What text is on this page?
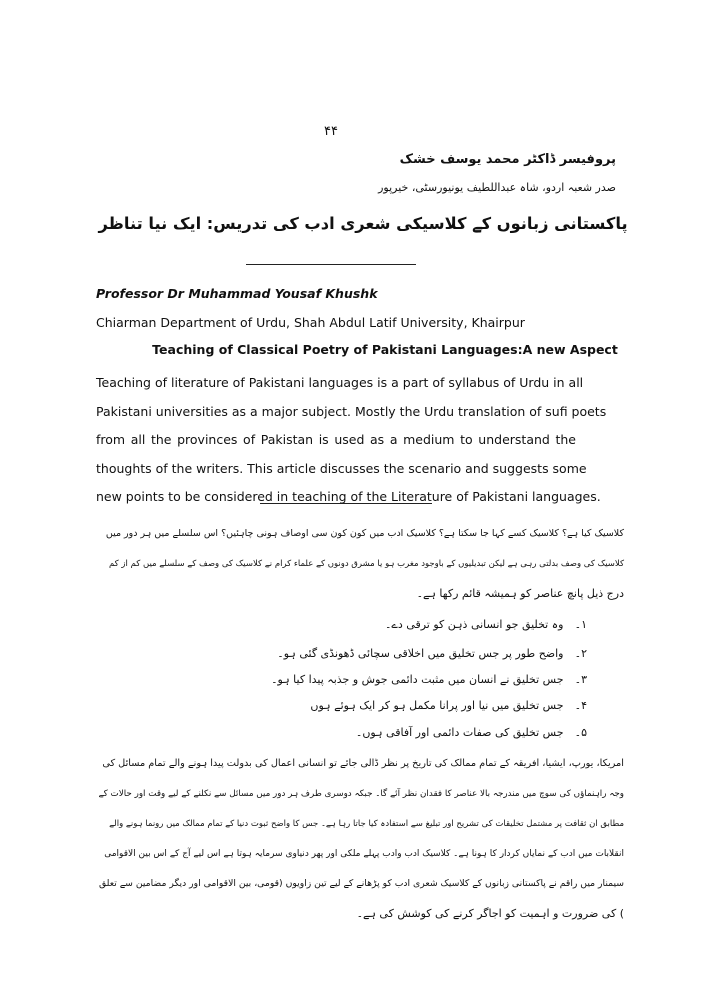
۴۴
پروفیسر ڈاکٹر محمد یوسف خشک
صدر شعبہ اردو، شاہ عبداللطیف یونیورسٹی، خیرپور
پاکستانی زبانوں کے کلاسیکی شعری ادب کی تدریس: ایک نیا تناظر
Professor Dr Muhammad Yousaf Khushk
Chiarman Department of Urdu, Shah Abdul Latif University, Khairpur
Teaching of Classical Poetry of Pakistani Languages:A new Aspect
Teaching of literature of Pakistani languages is a part of syllabus of Urdu in all
Pakistani universities as a major subject. Mostly the Urdu translation of sufi poets
from all the provinces of Pakistan is used as a medium to understand the
thoughts of the writers. This article discusses the scenario and suggests some
new points to be considered in teaching of the Literature of Pakistani languages.
کلاسیک کیا ہے؟ کلاسیک کسے کہا جا سکتا ہے؟ کلاسیک ادب میں کون کون سی اوصاف ہونی چاہئیں؟ اس سلسلے میں ہر دور میں
کلاسیک کی وصف بدلتی رہی ہے لیکن تبدیلیوں کے باوجود مغرب ہو یا مشرق دونوں کے علماء کرام نے کلاسیک کی وصف کے سلسلے میں کم از کم
درج ذیل پانچ عناصر کو ہمیشہ قائم رکھا ہے۔
۱۔ وہ تخلیق جو انسانی ذہن کو ترقی دے۔
۲۔ واضح طور پر جس تخلیق میں اخلاقی سچائی ڈھونڈی گئی ہو۔
۳۔ جس تخلیق نے انسان میں مثبت دائمی جوش و جذبہ پیدا کیا ہو۔
۴۔ جس تخلیق میں نیا اور پرانا مکمل ہو کر ایک ہوئے ہوں
۵۔ جس تخلیق کی صفات دائمی اور آفاقی ہوں۔
امریکا، یورپ، ایشیا، افریقہ کے تمام ممالک کی تاریخ پر نظر ڈالی جائے تو انسانی اعمال کی بدولت پیدا ہونے والے تمام مسائل کی
وجہ راہنماؤں کی سوچ میں مندرجہ بالا عناصر کا فقدان نظر آئے گا۔ جبکہ دوسری طرف ہر دور میں مسائل سے نکلنے کے لیے وقت اور حالات کے
مطابق ان ثقافت پر مشتمل تخلیقات کی تشریح اور تبلیغ سے استفادہ کیا جاتا رہا ہے۔ جس کا واضح ثبوت دنیا کے تمام ممالک میں رونما ہونے والے
انقلابات میں ادب کے نمایاں کردار کا ہونا ہے۔ کلاسیک ادب وادب پہلے ملکی اور پھر دنیاوی سرمایہ ہوتا ہے اس لیے آج کے اس بین الاقوامی
سیمنار میں راقم نے پاکستانی زبانوں کے کلاسیک شعری ادب کو پڑھانے کے لیے تین زاویوں (قومی، بین الاقوامی اور دیگر مضامین سے تعلق
) کی ضرورت و اہمیت کو اجاگر کرنے کی کوشش کی ہے۔
